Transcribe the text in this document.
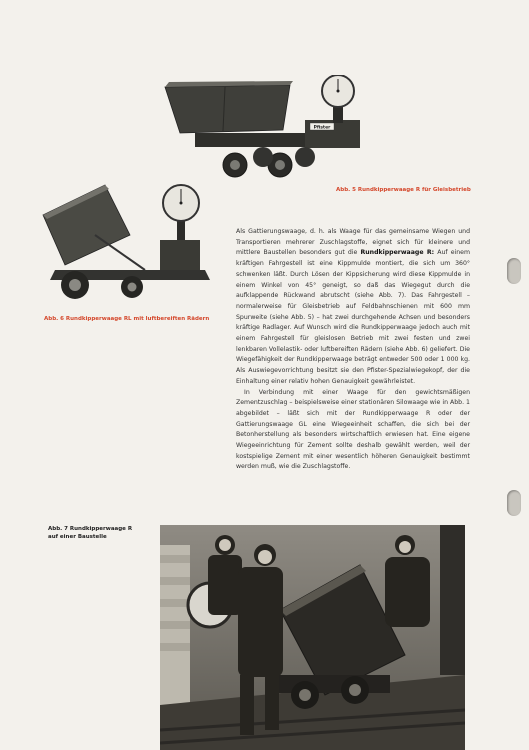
Pfister
Abb. 5 Rundkipperwaage R für Gleisbetrieb
Abb. 6 Rundkipperwaage RL mit luftbereiften Rädern

Als Gattierungswaage, d. h. als Waage für das gemeinsame Wiegen und Transportieren mehrerer Zuschlagstoffe, eignet sich für kleinere und mittlere Baustellen besonders gut die Rundkipperwaage R: Auf einem kräftigen Fahrgestell ist eine Kippmulde montiert, die sich um 360° schwenken läßt. Durch Lösen der Kippsicherung wird diese Kippmulde in einem Winkel von 45° geneigt, so daß das Wiegegut durch die aufklappende Rückwand abrutscht (siehe Abb. 7). Das Fahrgestell – normalerweise für Gleisbetrieb auf Feldbahnschienen mit 600 mm Spurweite (siehe Abb. 5) – hat zwei durchgehende Achsen und besonders kräftige Radlager. Auf Wunsch wird die Rundkipperwaage jedoch auch mit einem Fahrgestell für gleislosen Betrieb mit zwei festen und zwei lenkbaren Vollelastik- oder luftbereiften Rädern (siehe Abb. 6) geliefert. Die Wiegefähigkeit der Rundkipperwaage beträgt entweder 500 oder 1 000 kg. Als Auswiegevorrichtung besitzt sie den Pfister-Spezialwiegekopf, der die Einhaltung einer relativ hohen Genauigkeit gewährleistet.

In Verbindung mit einer Waage für den gewichtsmäßigen Zementzuschlag – beispielsweise einer stationären Silowaage wie in Abb. 1 abgebildet – läßt sich mit der Rundkipperwaage R oder der Gattierungswaage GL eine Wiegeeinheit schaffen, die sich bei der Betonherstellung als besonders wirtschaftlich erwiesen hat. Eine eigene Wiegeeinrichtung für Zement sollte deshalb gewählt werden, weil der kostspielige Zement mit einer wesentlich höheren Genauigkeit bestimmt werden muß, wie die Zuschlagstoffe.

Abb. 7 Rundkipperwaage R
auf einer Baustelle
